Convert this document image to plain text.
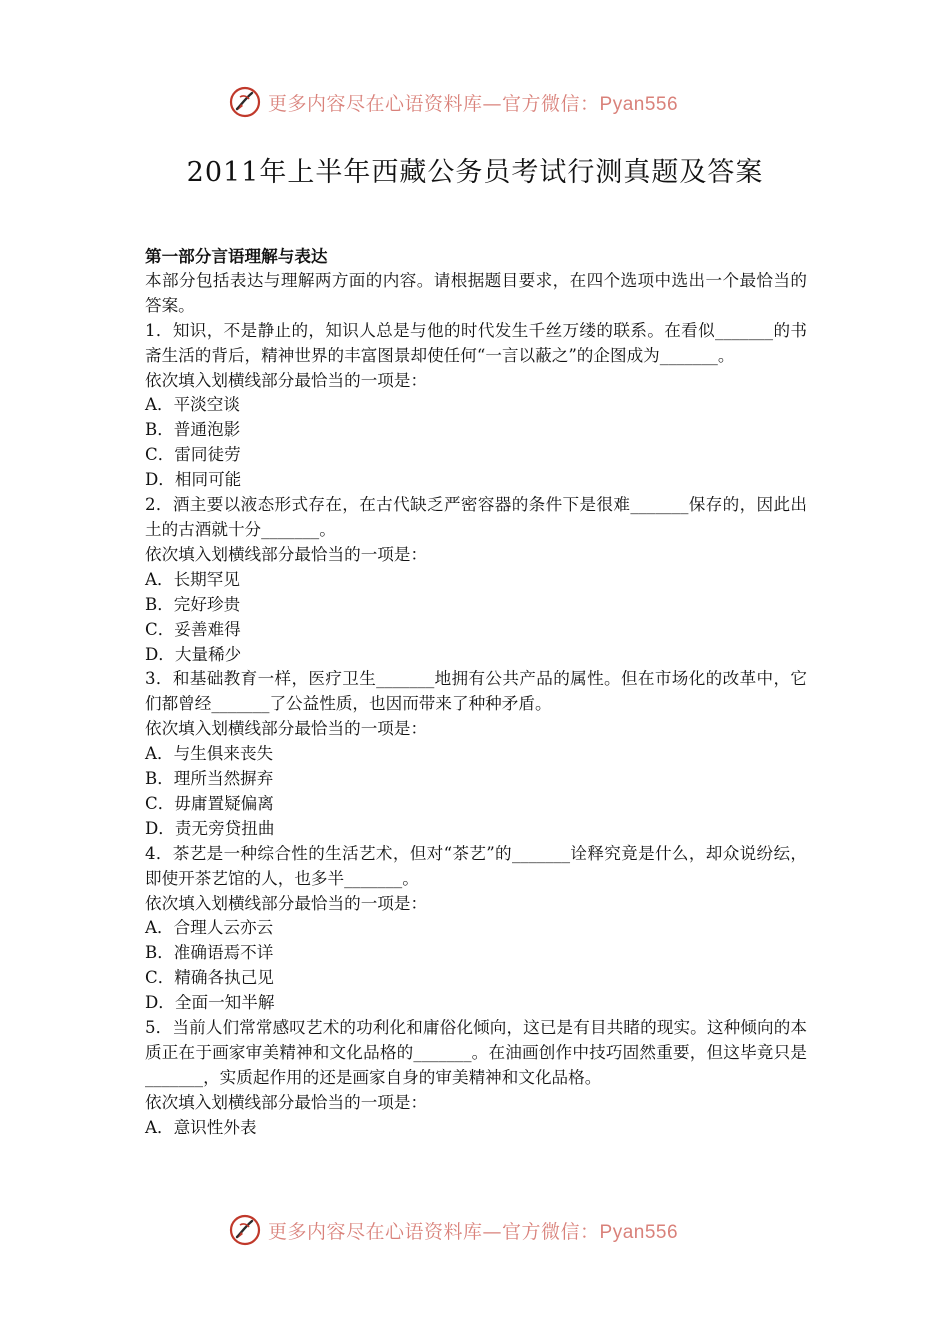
更多内容尽在心语资料库—官方微信：Pyan556
2011年上半年西藏公务员考试行测真题及答案

第一部分言语理解与表达

本部分包括表达与理解两方面的内容。请根据题目要求，在四个选项中选出一个最恰当的答案。

1．知识，不是静止的，知识人总是与他的时代发生千丝万缕的联系。在看似_______的书斋生活的背后，精神世界的丰富图景却使任何“一言以蔽之”的企图成为_______。

依次填入划横线部分最恰当的一项是：

A．平淡空谈

B．普通泡影

C．雷同徒劳

D．相同可能

2．酒主要以液态形式存在，在古代缺乏严密容器的条件下是很难_______保存的，因此出土的古酒就十分_______。

依次填入划横线部分最恰当的一项是：

A．长期罕见

B．完好珍贵

C．妥善难得

D．大量稀少

3．和基础教育一样，医疗卫生_______地拥有公共产品的属性。但在市场化的改革中，它们都曾经_______了公益性质，也因而带来了种种矛盾。

依次填入划横线部分最恰当的一项是：

A．与生俱来丧失

B．理所当然摒弃

C．毋庸置疑偏离

D．责无旁贷扭曲

4．茶艺是一种综合性的生活艺术，但对“茶艺”的_______诠释究竟是什么，却众说纷纭，即使开茶艺馆的人，也多半_______。

依次填入划横线部分最恰当的一项是：

A．合理人云亦云

B．准确语焉不详

C．精确各执己见

D．全面一知半解

5．当前人们常常感叹艺术的功利化和庸俗化倾向，这已是有目共睹的现实。这种倾向的本质正在于画家审美精神和文化品格的_______。在油画创作中技巧固然重要，但这毕竟只是_______，实质起作用的还是画家自身的审美精神和文化品格。

依次填入划横线部分最恰当的一项是：

A．意识性外表

更多内容尽在心语资料库—官方微信：Pyan556
